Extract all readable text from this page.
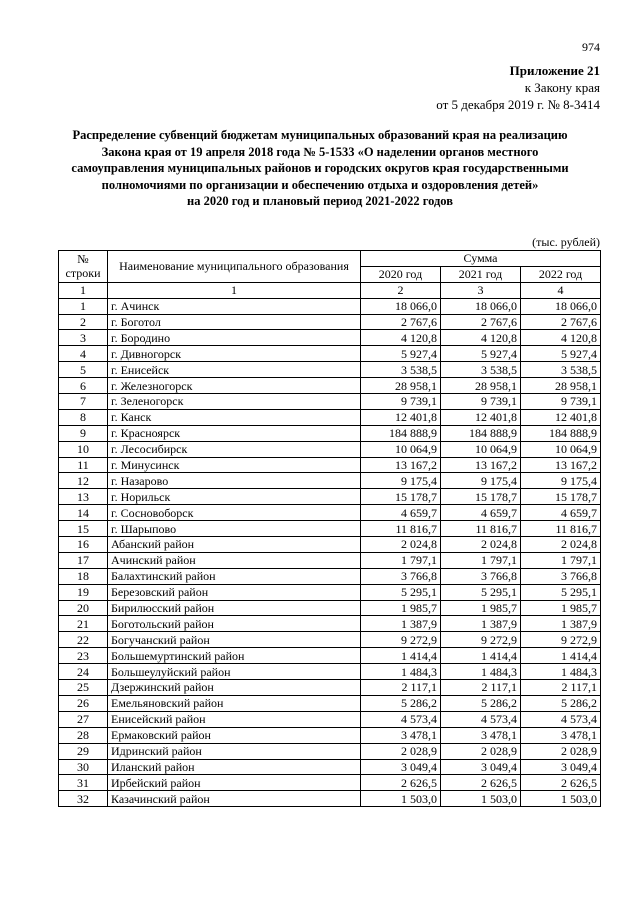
974
Приложение 21
к Закону края
от 5 декабря 2019 г. № 8-3414
Распределение субвенций бюджетам муниципальных образований края на реализацию
Закона края от 19 апреля 2018 года № 5-1533 «О наделении органов местного
самоуправления муниципальных районов и городских округов края государственными
полномочиями по организации и обеспечению отдыха и оздоровления детей»
на 2020 год и плановый период 2021-2022 годов
(тыс. рублей)
№
строки	Наименование муниципального образования	Сумма		
		2020 год	2021 год	2022 год
1	1	2	3	4
1	г. Ачинск	18 066,0	18 066,0	18 066,0
2	г. Боготол	2 767,6	2 767,6	2 767,6
3	г. Бородино	4 120,8	4 120,8	4 120,8
4	г. Дивногорск	5 927,4	5 927,4	5 927,4
5	г. Енисейск	3 538,5	3 538,5	3 538,5
6	г. Железногорск	28 958,1	28 958,1	28 958,1
7	г. Зеленогорск	9 739,1	9 739,1	9 739,1
8	г. Канск	12 401,8	12 401,8	12 401,8
9	г. Красноярск	184 888,9	184 888,9	184 888,9
10	г. Лесосибирск	10 064,9	10 064,9	10 064,9
11	г. Минусинск	13 167,2	13 167,2	13 167,2
12	г. Назарово	9 175,4	9 175,4	9 175,4
13	г. Норильск	15 178,7	15 178,7	15 178,7
14	г. Сосновоборск	4 659,7	4 659,7	4 659,7
15	г. Шарыпово	11 816,7	11 816,7	11 816,7
16	Абанский район	2 024,8	2 024,8	2 024,8
17	Ачинский район	1 797,1	1 797,1	1 797,1
18	Балахтинский район	3 766,8	3 766,8	3 766,8
19	Березовский район	5 295,1	5 295,1	5 295,1
20	Бирилюсский район	1 985,7	1 985,7	1 985,7
21	Боготольский район	1 387,9	1 387,9	1 387,9
22	Богучанский район	9 272,9	9 272,9	9 272,9
23	Большемуртинский район	1 414,4	1 414,4	1 414,4
24	Большеулуйский район	1 484,3	1 484,3	1 484,3
25	Дзержинский район	2 117,1	2 117,1	2 117,1
26	Емельяновский район	5 286,2	5 286,2	5 286,2
27	Енисейский район	4 573,4	4 573,4	4 573,4
28	Ермаковский район	3 478,1	3 478,1	3 478,1
29	Идринский район	2 028,9	2 028,9	2 028,9
30	Иланский район	3 049,4	3 049,4	3 049,4
31	Ирбейский район	2 626,5	2 626,5	2 626,5
32	Казачинский район	1 503,0	1 503,0	1 503,0
